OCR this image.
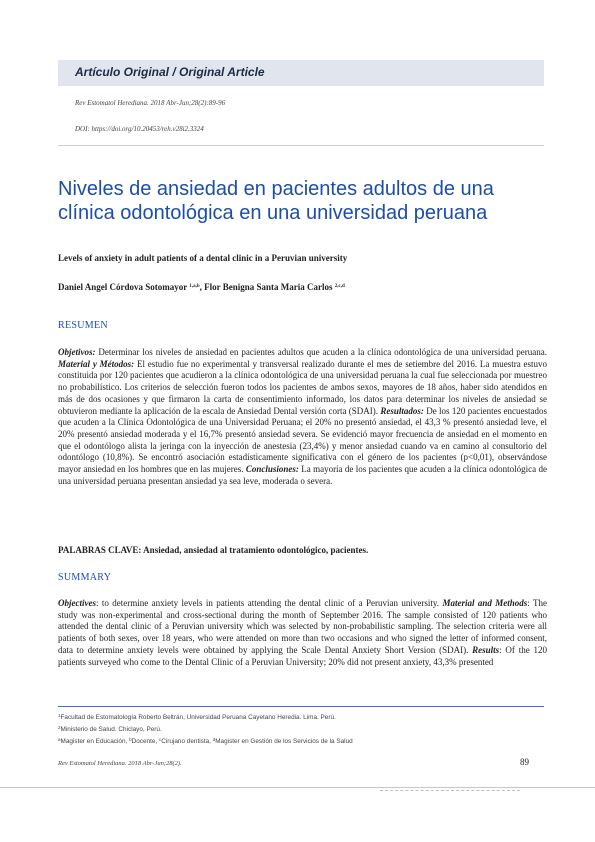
Artículo Original / Original Article
Rev Estomatol Herediana. 2018 Abr-Jun;28(2):89-96
DOI: https://doi.org/10.20453/reh.v28i2.3324
Niveles de ansiedad en pacientes adultos de una
clínica odontológica en una universidad peruana
Levels of anxiety in adult patients of a dental clinic in a Peruvian university
Daniel Angel Córdova Sotomayor $^{1,a,b}$, Flor Benigna Santa Maria Carlos $^{2,c,d}$
RESUMEN

Objetivos: Determinar los niveles de ansiedad en pacientes adultos que acuden a la clínica odontológica de una universidad peruana. Material y Métodos: El estudio fue no experimental y transversal realizado durante el mes de setiembre del 2016. La muestra estuvo constituida por 120 pacientes que acudieron a la clínica odontológica de una universidad peruana la cual fue seleccionada por muestreo no probabilístico. Los criterios de selección fueron todos los pacientes de ambos sexos, mayores de 18 años, haber sido atendidos en más de dos ocasiones y que firmaron la carta de consentimiento informado, los datos para determinar los niveles de ansiedad se obtuvieron mediante la aplicación de la escala de Ansiedad Dental versión corta (SDAI). Resultados: De los 120 pacientes encuestados que acuden a la Clínica Odontológica de una Universidad Peruana; el 20% no presentó ansiedad, el 43,3 % presentó ansiedad leve, el 20% presentó ansiedad moderada y el 16,7% presentó ansiedad severa. Se evidenció mayor frecuencia de ansiedad en el momento en que el odontólogo alista la jeringa con la inyección de anestesia (23,4%) y menor ansiedad cuando va en camino al consultorio del odontólogo (10,8%). Se encontró asociación estadísticamente significativa con el género de los pacientes (p<0,01), observándose mayor ansiedad en los hombres que en las mujeres. Conclusiones: La mayoría de los pacientes que acuden a la clínica odontológica de una universidad peruana presentan ansiedad ya sea leve, moderada o severa.

PALABRAS CLAVE: Ansiedad, ansiedad al tratamiento odontológico, pacientes.
SUMMARY

Objectives: to determine anxiety levels in patients attending the dental clinic of a Peruvian university. Material and Methods: The study was non-experimental and cross-sectional during the month of September 2016. The sample consisted of 120 patients who attended the dental clinic of a Peruvian university which was selected by non-probabilistic sampling. The selection criteria were all patients of both sexes, over 18 years, who were attended on more than two occasions and who signed the letter of informed consent, data to determine anxiety levels were obtained by applying the Scale Dental Anxiety Short Version (SDAI). Results: Of the 120 patients surveyed who come to the Dental Clinic of a Peruvian University; 20% did not present anxiety, 43,3% presented

$^1$Facultad de Estomatología Roberto Beltrán, Universidad Peruana Cayetano Heredia. Lima. Perú.
$^2$Ministerio de Salud. Chiclayo, Perú.
$^a$Magister en Educación, $^b$Docente, $^c$Cirujano dentista, $^d$Magister en Gestión de los Servicios de la Salud
Rev Estomatol Herediana. 2018 Abr-Jun;28(2).	89
